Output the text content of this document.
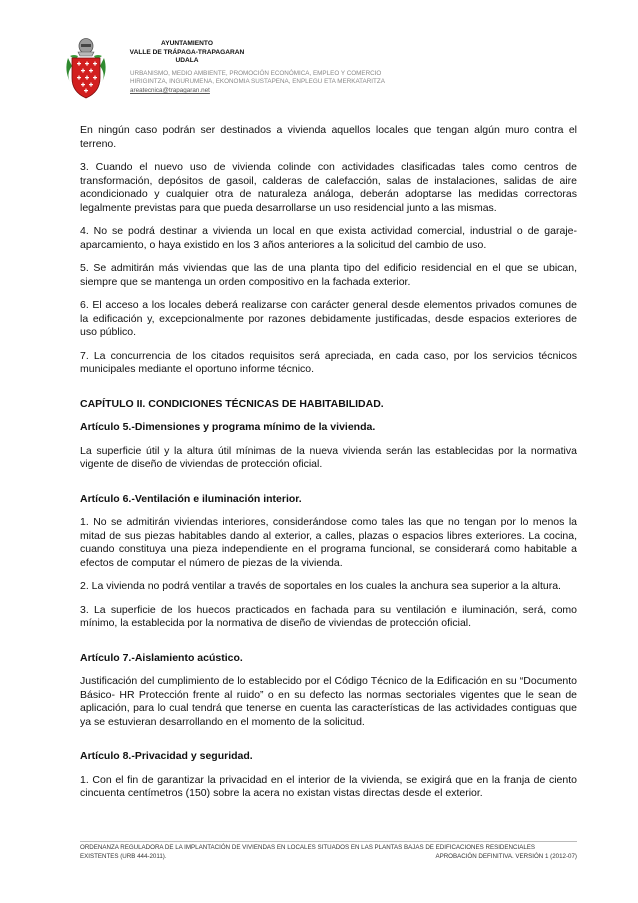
AYUNTAMIENTO
VALLE DE TRÁPAGA-TRAPAGARAN
UDALA
URBANISMO, MEDIO AMBIENTE, PROMOCIÓN ECONÓMICA, EMPLEO Y COMERCIO
HIRIGINTZA, INGURUMENA, EKONOMIA SUSTAPENA, ENPLEGU ETA MERKATARITZA
areatecnica@trapagaran.net

En ningún caso podrán ser destinados a vivienda aquellos locales que tengan algún muro contra el terreno.

3. Cuando el nuevo uso de vivienda colinde con actividades clasificadas tales como centros de transformación, depósitos de gasoil, calderas de calefacción, salas de instalaciones, salidas de aire acondicionado y cualquier otra de naturaleza análoga, deberán adoptarse las medidas correctoras legalmente previstas para que pueda desarrollarse un uso residencial junto a las mismas.

4. No se podrá destinar a vivienda un local en que exista actividad comercial, industrial o de garaje-aparcamiento, o haya existido en los 3 años anteriores a la solicitud del cambio de uso.

5. Se admitirán más viviendas que las de una planta tipo del edificio residencial en el que se ubican, siempre que se mantenga un orden compositivo en la fachada exterior.

6. El acceso a los locales deberá realizarse con carácter general desde elementos privados comunes de la edificación y, excepcionalmente por razones debidamente justificadas, desde espacios exteriores de uso público.

7. La concurrencia de los citados requisitos será apreciada, en cada caso, por los servicios técnicos municipales mediante el oportuno informe técnico.

CAPÍTULO II. CONDICIONES TÉCNICAS DE HABITABILIDAD.
Artículo 5.-Dimensiones y programa mínimo de la vivienda.

La superficie útil y la altura útil mínimas de la nueva vivienda serán las establecidas por la normativa vigente de diseño de viviendas de protección oficial.

Artículo 6.-Ventilación e iluminación interior.

1. No se admitirán viviendas interiores, considerándose como tales las que no tengan por lo menos la mitad de sus piezas habitables dando al exterior, a calles, plazas o espacios libres exteriores. La cocina, cuando constituya una pieza independiente en el programa funcional, se considerará como habitable a efectos de computar el número de piezas de la vivienda.

2. La vivienda no podrá ventilar a través de soportales en los cuales la anchura sea superior a la altura.

3. La superficie de los huecos practicados en fachada para su ventilación e iluminación, será, como mínimo, la establecida por la normativa de diseño de viviendas de protección oficial.

Artículo 7.-Aislamiento acústico.

Justificación del cumplimiento de lo establecido por el Código Técnico de la Edificación en su “Documento Básico- HR Protección frente al ruido” o en su defecto las normas sectoriales vigentes que le sean de aplicación, para lo cual tendrá que tenerse en cuenta las características de las actividades contiguas que ya se estuvieran desarrollando en el momento de la solicitud.

Artículo 8.-Privacidad y seguridad.

1. Con el fin de garantizar la privacidad en el interior de la vivienda, se exigirá que en la franja de ciento cincuenta centímetros (150) sobre la acera no existan vistas directas desde el exterior.

ORDENANZA REGULADORA DE LA IMPLANTACIÓN DE VIVIENDAS EN LOCALES SITUADOS EN LAS PLANTAS BAJAS DE EDIFICACIONES RESIDENCIALES
EXISTENTES (URB 444-2011).	APROBACIÓN DEFINITIVA. VERSIÓN 1 (2012-07)
